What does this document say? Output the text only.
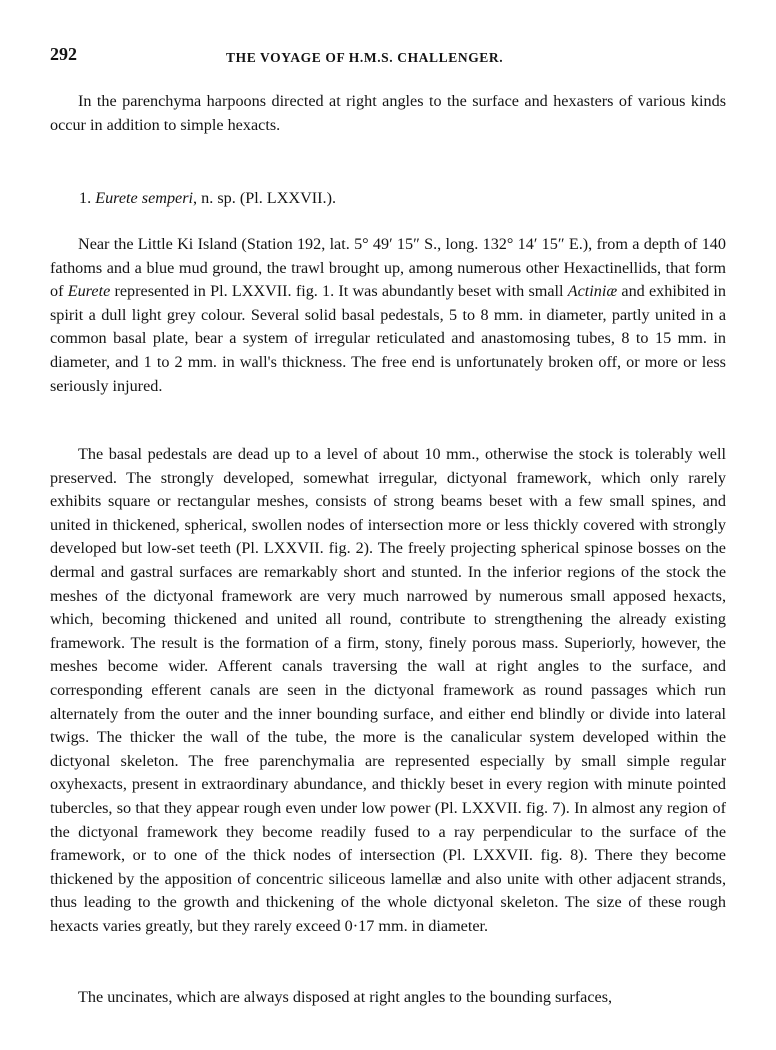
292	THE VOYAGE OF H.M.S. CHALLENGER.

In the parenchyma harpoons directed at right angles to the surface and hexasters of various kinds occur in addition to simple hexacts.

1. Eurete semperi, n. sp. (Pl. LXXVII.).

Near the Little Ki Island (Station 192, lat. 5° 49′ 15″ S., long. 132° 14′ 15″ E.), from a depth of 140 fathoms and a blue mud ground, the trawl brought up, among numerous other Hexactinellids, that form of Eurete represented in Pl. LXXVII. fig. 1. It was abundantly beset with small Actiniæ and exhibited in spirit a dull light grey colour. Several solid basal pedestals, 5 to 8 mm. in diameter, partly united in a common basal plate, bear a system of irregular reticulated and anastomosing tubes, 8 to 15 mm. in diameter, and 1 to 2 mm. in wall's thickness. The free end is unfortunately broken off, or more or less seriously injured.

The basal pedestals are dead up to a level of about 10 mm., otherwise the stock is tolerably well preserved. The strongly developed, somewhat irregular, dictyonal framework, which only rarely exhibits square or rectangular meshes, consists of strong beams beset with a few small spines, and united in thickened, spherical, swollen nodes of intersection more or less thickly covered with strongly developed but low-set teeth (Pl. LXXVII. fig. 2). The freely projecting spherical spinose bosses on the dermal and gastral surfaces are remarkably short and stunted. In the inferior regions of the stock the meshes of the dictyonal framework are very much narrowed by numerous small apposed hexacts, which, becoming thickened and united all round, contribute to strengthening the already existing framework. The result is the formation of a firm, stony, finely porous mass. Superiorly, however, the meshes become wider. Afferent canals traversing the wall at right angles to the surface, and corresponding efferent canals are seen in the dictyonal framework as round passages which run alternately from the outer and the inner bounding surface, and either end blindly or divide into lateral twigs. The thicker the wall of the tube, the more is the canalicular system developed within the dictyonal skeleton. The free parenchymalia are represented especially by small simple regular oxyhexacts, present in extraordinary abundance, and thickly beset in every region with minute pointed tubercles, so that they appear rough even under low power (Pl. LXXVII. fig. 7). In almost any region of the dictyonal framework they become readily fused to a ray perpendicular to the surface of the framework, or to one of the thick nodes of intersection (Pl. LXXVII. fig. 8). There they become thickened by the apposition of concentric siliceous lamellæ and also unite with other adjacent strands, thus leading to the growth and thickening of the whole dictyonal skeleton. The size of these rough hexacts varies greatly, but they rarely exceed 0·17 mm. in diameter.

The uncinates, which are always disposed at right angles to the bounding surfaces,
